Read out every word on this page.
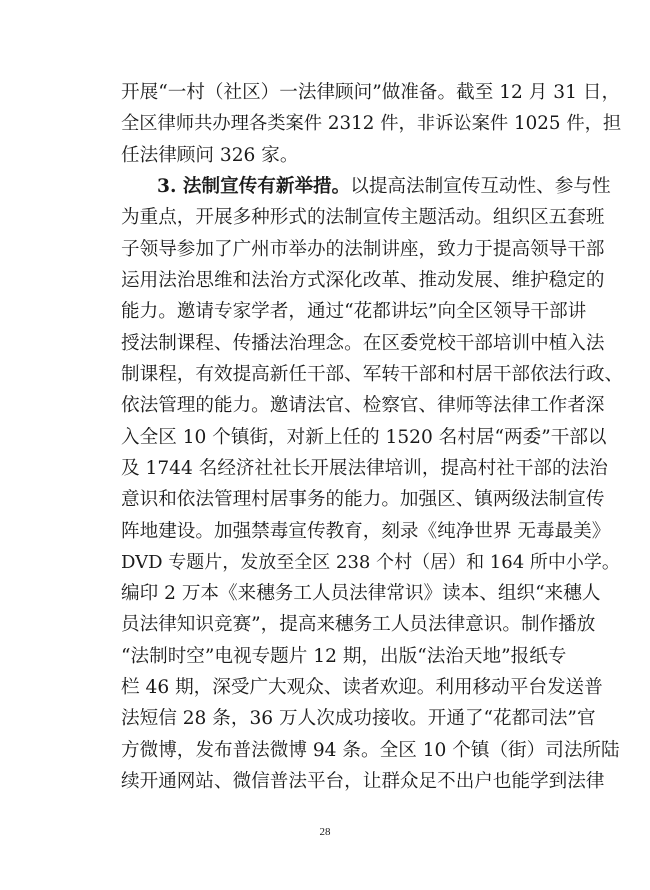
开展“一村（社区）一法律顾问”做准备。截至 12 月 31 日，
全区律师共办理各类案件 2312 件，非诉讼案件 1025 件，担
任法律顾问 326 家。
3. 法制宣传有新举措。以提高法制宣传互动性、参与性
为重点，开展多种形式的法制宣传主题活动。组织区五套班
子领导参加了广州市举办的法制讲座，致力于提高领导干部
运用法治思维和法治方式深化改革、推动发展、维护稳定的
能力。邀请专家学者，通过“花都讲坛”向全区领导干部讲
授法制课程、传播法治理念。在区委党校干部培训中植入法
制课程，有效提高新任干部、军转干部和村居干部依法行政、
依法管理的能力。邀请法官、检察官、律师等法律工作者深
入全区 10 个镇街，对新上任的 1520 名村居“两委”干部以
及 1744 名经济社社长开展法律培训，提高村社干部的法治
意识和依法管理村居事务的能力。加强区、镇两级法制宣传
阵地建设。加强禁毒宣传教育，刻录《纯净世界 无毒最美》
DVD 专题片，发放至全区 238 个村（居）和 164 所中小学。
编印 2 万本《来穗务工人员法律常识》读本、组织“来穗人
员法律知识竞赛”，提高来穗务工人员法律意识。制作播放
“法制时空”电视专题片 12 期，出版“法治天地”报纸专
栏 46 期，深受广大观众、读者欢迎。利用移动平台发送普
法短信 28 条，36 万人次成功接收。开通了“花都司法”官
方微博，发布普法微博 94 条。全区 10 个镇（街）司法所陆
续开通网站、微信普法平台，让群众足不出户也能学到法律
28
